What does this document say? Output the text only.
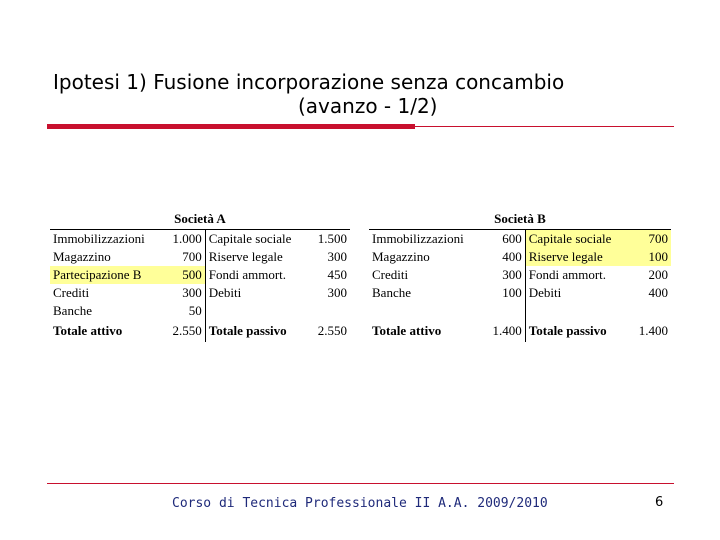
Ipotesi 1) Fusione incorporazione senza concambio
(avanzo - 1/2)
Società A			
Immobilizzazioni	1.000	Capitale sociale	1.500
Magazzino	700	Riserve legale	300
Partecipazione B	500	Fondi ammort.	450
Crediti	300	Debiti	300
Banche	50		
Totale attivo	2.550	Totale passivo	2.550
Società B			
Immobilizzazioni	600	Capitale sociale	700
Magazzino	400	Riserve legale	100
Crediti	300	Fondi ammort.	200
Banche	100	Debiti	400

Totale attivo	1.400	Totale passivo	1.400
Corso di Tecnica Professionale II A.A. 2009/2010	6
